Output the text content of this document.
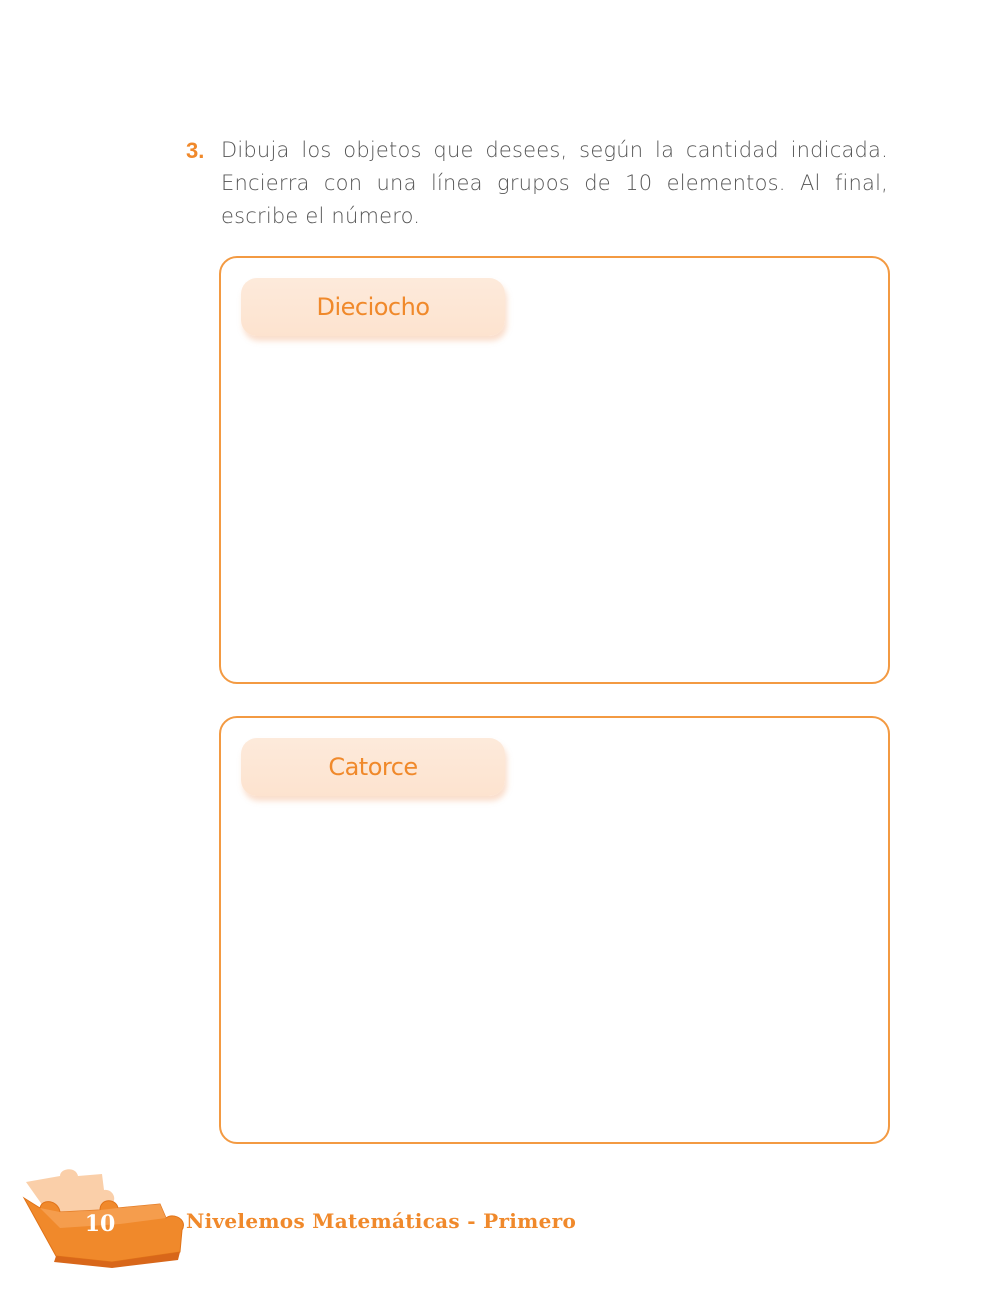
3. Dibuja los objetos que desees, según la cantidad indicada. Encierra con una línea grupos de 10 elementos. Al final, escribe el número.
Dieciocho
Catorce
10	Nivelemos Matemáticas - Primero
